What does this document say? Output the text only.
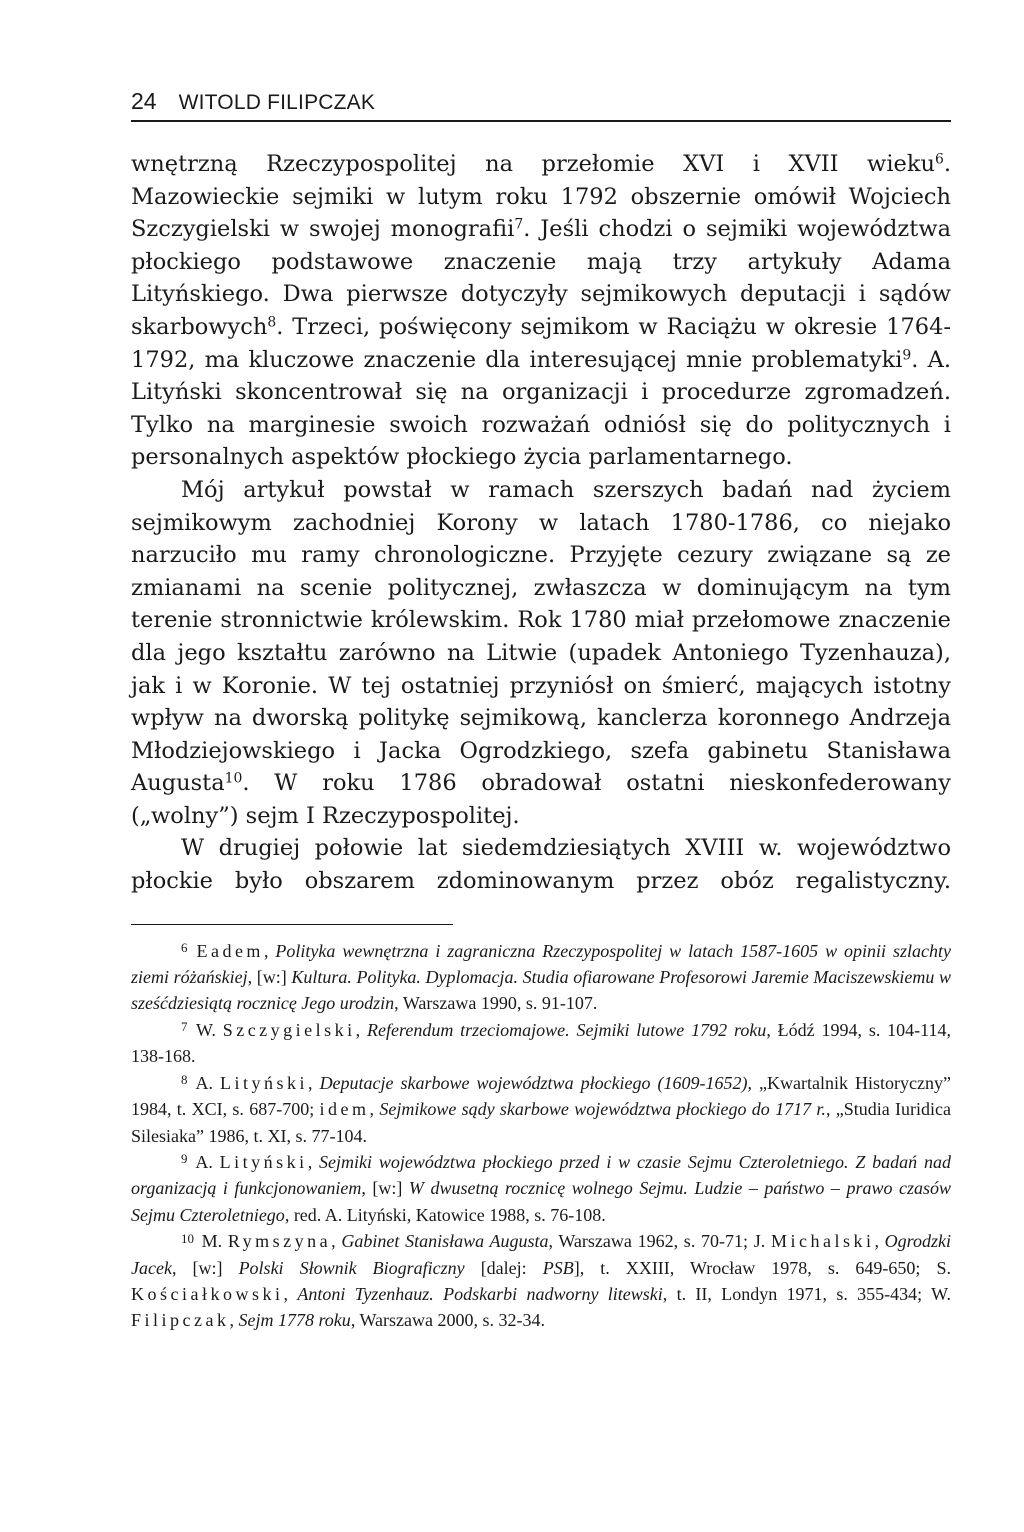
24 WITOLD FILIPCZAK

wnętrzną Rzeczypospolitej na przełomie XVI i XVII wieku$^6$. Mazowieckie sejmiki w lutym roku 1792 obszernie omówił Wojciech Szczygielski w swojej monografii$^7$. Jeśli chodzi o sejmiki województwa płockiego podstawowe znaczenie mają trzy artykuły Adama Lityńskiego. Dwa pierwsze dotyczyły sejmikowych deputacji i sądów skarbowych$^8$. Trzeci, poświęcony sejmikom w Raciążu w okresie 1764-1792, ma kluczowe znaczenie dla interesującej mnie problematyki$^9$. A. Lityński skoncentrował się na organizacji i procedurze zgromadzeń. Tylko na marginesie swoich rozważań odniósł się do politycznych i personalnych aspektów płockiego życia parlamentarnego.

Mój artykuł powstał w ramach szerszych badań nad życiem sejmikowym zachodniej Korony w latach 1780-1786, co niejako narzuciło mu ramy chronologiczne. Przyjęte cezury związane są ze zmianami na scenie politycznej, zwłaszcza w dominującym na tym terenie stronnictwie królewskim. Rok 1780 miał przełomowe znaczenie dla jego kształtu zarówno na Litwie (upadek Antoniego Tyzenhauza), jak i w Koronie. W tej ostatniej przyniósł on śmierć, mających istotny wpływ na dworską politykę sejmikową, kanclerza koronnego Andrzeja Młodziejowskiego i Jacka Ogrodzkiego, szefa gabinetu Stanisława Augusta$^{10}$. W roku 1786 obradował ostatni nieskonfederowany („wolny”) sejm I Rzeczypospolitej.

W drugiej połowie lat siedemdziesiątych XVIII w. województwo płockie było obszarem zdominowanym przez obóz regalistyczny.

$^6$ Eadem, Polityka wewnętrzna i zagraniczna Rzeczypospolitej w latach 1587-1605 w opinii szlachty ziemi różańskiej, [w:] Kultura. Polityka. Dyplomacja. Studia ofiarowane Profesorowi Jaremie Maciszewskiemu w sześćdziesiątą rocznicę Jego urodzin, Warszawa 1990, s. 91-107.

$^7$ W. Szczygielski, Referendum trzeciomajowe. Sejmiki lutowe 1792 roku, Łódź 1994, s. 104-114, 138-168.

$^8$ A. Lityński, Deputacje skarbowe województwa płockiego (1609-1652), „Kwartalnik Historyczny” 1984, t. XCI, s. 687-700; idem, Sejmikowe sądy skarbowe województwa płockiego do 1717 r., „Studia Iuridica Silesiaka” 1986, t. XI, s. 77-104.

$^9$ A. Lityński, Sejmiki województwa płockiego przed i w czasie Sejmu Czteroletniego. Z badań nad organizacją i funkcjonowaniem, [w:] W dwusetną rocznicę wolnego Sejmu. Ludzie – państwo – prawo czasów Sejmu Czteroletniego, red. A. Lityński, Katowice 1988, s. 76-108.

$^{10}$ M. Rymszyna, Gabinet Stanisława Augusta, Warszawa 1962, s. 70-71; J. Michalski, Ogrodzki Jacek, [w:] Polski Słownik Biograficzny [dalej: PSB], t. XXIII, Wrocław 1978, s. 649-650; S. Kościałkowski, Antoni Tyzenhauz. Podskarbi nadworny litewski, t. II, Londyn 1971, s. 355-434; W. Filipczak, Sejm 1778 roku, Warszawa 2000, s. 32-34.
